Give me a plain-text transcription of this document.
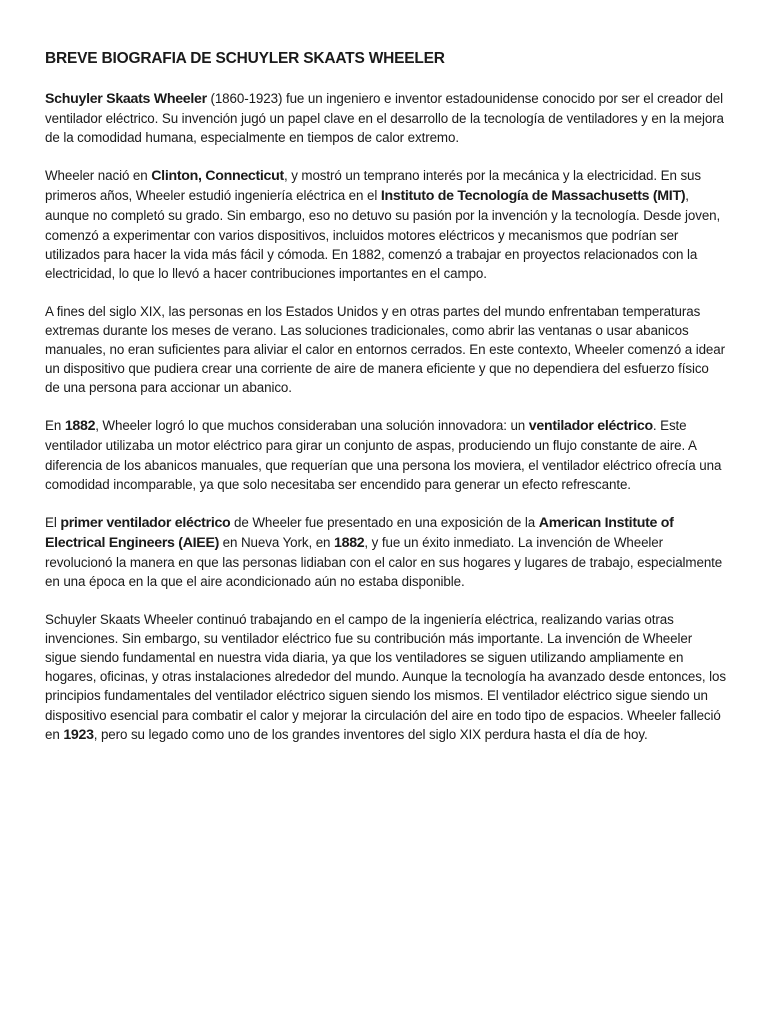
BREVE BIOGRAFIA DE SCHUYLER SKAATS WHEELER

Schuyler Skaats Wheeler (1860-1923) fue un ingeniero e inventor estadounidense conocido por ser el creador del ventilador eléctrico. Su invención jugó un papel clave en el desarrollo de la tecnología de ventiladores y en la mejora de la comodidad humana, especialmente en tiempos de calor extremo.

Wheeler nació en Clinton, Connecticut, y mostró un temprano interés por la mecánica y la electricidad. En sus primeros años, Wheeler estudió ingeniería eléctrica en el Instituto de Tecnología de Massachusetts (MIT), aunque no completó su grado. Sin embargo, eso no detuvo su pasión por la invención y la tecnología. Desde joven, comenzó a experimentar con varios dispositivos, incluidos motores eléctricos y mecanismos que podrían ser utilizados para hacer la vida más fácil y cómoda. En 1882, comenzó a trabajar en proyectos relacionados con la electricidad, lo que lo llevó a hacer contribuciones importantes en el campo.

A fines del siglo XIX, las personas en los Estados Unidos y en otras partes del mundo enfrentaban temperaturas extremas durante los meses de verano. Las soluciones tradicionales, como abrir las ventanas o usar abanicos manuales, no eran suficientes para aliviar el calor en entornos cerrados. En este contexto, Wheeler comenzó a idear un dispositivo que pudiera crear una corriente de aire de manera eficiente y que no dependiera del esfuerzo físico de una persona para accionar un abanico.

En 1882, Wheeler logró lo que muchos consideraban una solución innovadora: un ventilador eléctrico. Este ventilador utilizaba un motor eléctrico para girar un conjunto de aspas, produciendo un flujo constante de aire. A diferencia de los abanicos manuales, que requerían que una persona los moviera, el ventilador eléctrico ofrecía una comodidad incomparable, ya que solo necesitaba ser encendido para generar un efecto refrescante.

El primer ventilador eléctrico de Wheeler fue presentado en una exposición de la American Institute of Electrical Engineers (AIEE) en Nueva York, en 1882, y fue un éxito inmediato. La invención de Wheeler revolucionó la manera en que las personas lidiaban con el calor en sus hogares y lugares de trabajo, especialmente en una época en la que el aire acondicionado aún no estaba disponible.

Schuyler Skaats Wheeler continuó trabajando en el campo de la ingeniería eléctrica, realizando varias otras invenciones. Sin embargo, su ventilador eléctrico fue su contribución más importante. La invención de Wheeler sigue siendo fundamental en nuestra vida diaria, ya que los ventiladores se siguen utilizando ampliamente en hogares, oficinas, y otras instalaciones alrededor del mundo. Aunque la tecnología ha avanzado desde entonces, los principios fundamentales del ventilador eléctrico siguen siendo los mismos. El ventilador eléctrico sigue siendo un dispositivo esencial para combatir el calor y mejorar la circulación del aire en todo tipo de espacios. Wheeler falleció en 1923, pero su legado como uno de los grandes inventores del siglo XIX perdura hasta el día de hoy.
